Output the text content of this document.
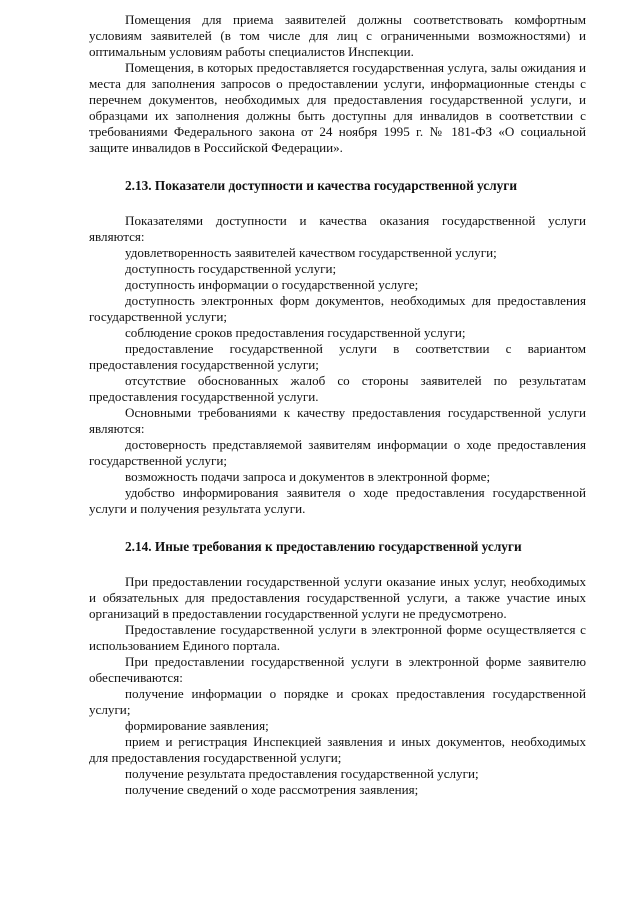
Помещения для приема заявителей должны соответствовать комфортным условиям заявителей (в том числе для лиц с ограниченными возможностями) и оптимальным условиям работы специалистов Инспекции.

Помещения, в которых предоставляется государственная услуга, залы ожидания и места для заполнения запросов о предоставлении услуги, информационные стенды с перечнем документов, необходимых для предоставления государственной услуги, и образцами их заполнения должны быть доступны для инвалидов в соответствии с требованиями Федерального закона от 24 ноября 1995 г. № 181-ФЗ «О социальной защите инвалидов в Российской Федерации».

2.13. Показатели доступности и качества государственной услуги

Показателями доступности и качества оказания государственной услуги являются:

удовлетворенность заявителей качеством государственной услуги;

доступность государственной услуги;

доступность информации о государственной услуге;

доступность электронных форм документов, необходимых для предоставления государственной услуги;

соблюдение сроков предоставления государственной услуги;

предоставление государственной услуги в соответствии с вариантом предоставления государственной услуги;

отсутствие обоснованных жалоб со стороны заявителей по результатам предоставления государственной услуги.

Основными требованиями к качеству предоставления государственной услуги являются:

достоверность представляемой заявителям информации о ходе предоставления государственной услуги;

возможность подачи запроса и документов в электронной форме;

удобство информирования заявителя о ходе предоставления государственной услуги и получения результата услуги.

2.14. Иные требования к предоставлению государственной услуги

При предоставлении государственной услуги оказание иных услуг, необходимых и обязательных для предоставления государственной услуги, а также участие иных организаций в предоставлении государственной услуги не предусмотрено.

Предоставление государственной услуги в электронной форме осуществляется с использованием Единого портала.

При предоставлении государственной услуги в электронной форме заявителю обеспечиваются:

получение информации о порядке и сроках предоставления государственной услуги;

формирование заявления;

прием и регистрация Инспекцией заявления и иных документов, необходимых для предоставления государственной услуги;

получение результата предоставления государственной услуги;

получение сведений о ходе рассмотрения заявления;
